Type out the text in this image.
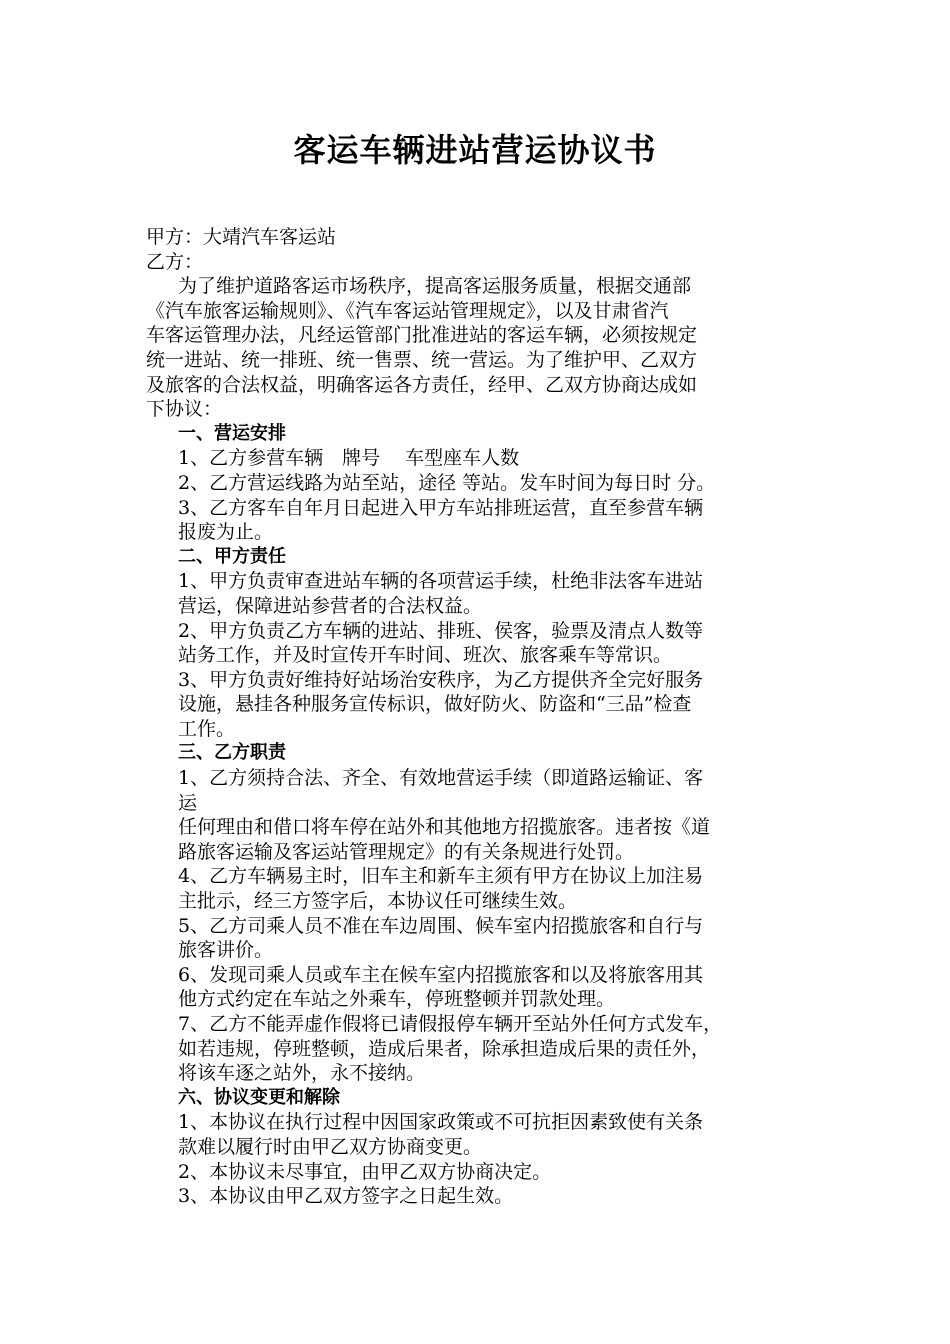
客运车辆进站营运协议书

甲方：大靖汽车客运站

乙方：

为了维护道路客运市场秩序，提高客运服务质量，根据交通部

《汽车旅客运输规则》、《汽车客运站管理规定》，以及甘肃省汽

车客运管理办法，凡经运管部门批准进站的客运车辆，必须按规定

统一进站、统一排班、统一售票、统一营运。为了维护甲、乙双方

及旅客的合法权益，明确客运各方责任，经甲、乙双方协商达成如

下协议：

一、营运安排

1、乙方参营车辆　牌号　 车型座车人数

2、乙方营运线路为站至站，途径 等站。发车时间为每日时 分。

3、乙方客车自年月日起进入甲方车站排班运营，直至参营车辆

报废为止。

二、甲方责任

1、甲方负责审查进站车辆的各项营运手续，杜绝非法客车进站

营运，保障进站参营者的合法权益。

2、甲方负责乙方车辆的进站、排班、侯客，验票及清点人数等

站务工作，并及时宣传开车时间、班次、旅客乘车等常识。

3、甲方负责好维持好站场治安秩序，为乙方提供齐全完好服务

设施，悬挂各种服务宣传标识，做好防火、防盗和“三品”检查

工作。

三、乙方职责

1、乙方须持合法、齐全、有效地营运手续（即道路运输证、客

运

任何理由和借口将车停在站外和其他地方招揽旅客。违者按《道

路旅客运输及客运站管理规定》的有关条规进行处罚。

4、乙方车辆易主时，旧车主和新车主须有甲方在协议上加注易

主批示，经三方签字后，本协议任可继续生效。

5、乙方司乘人员不准在车边周围、候车室内招揽旅客和自行与

旅客讲价。

6、发现司乘人员或车主在候车室内招揽旅客和以及将旅客用其

他方式约定在车站之外乘车，停班整顿并罚款处理。

7、乙方不能弄虚作假将已请假报停车辆开至站外任何方式发车，

如若违规，停班整顿，造成后果者，除承担造成后果的责任外，

将该车逐之站外，永不接纳。

六、协议变更和解除

1、本协议在执行过程中因国家政策或不可抗拒因素致使有关条

款难以履行时由甲乙双方协商变更。

2、本协议未尽事宜，由甲乙双方协商决定。

3、本协议由甲乙双方签字之日起生效。
